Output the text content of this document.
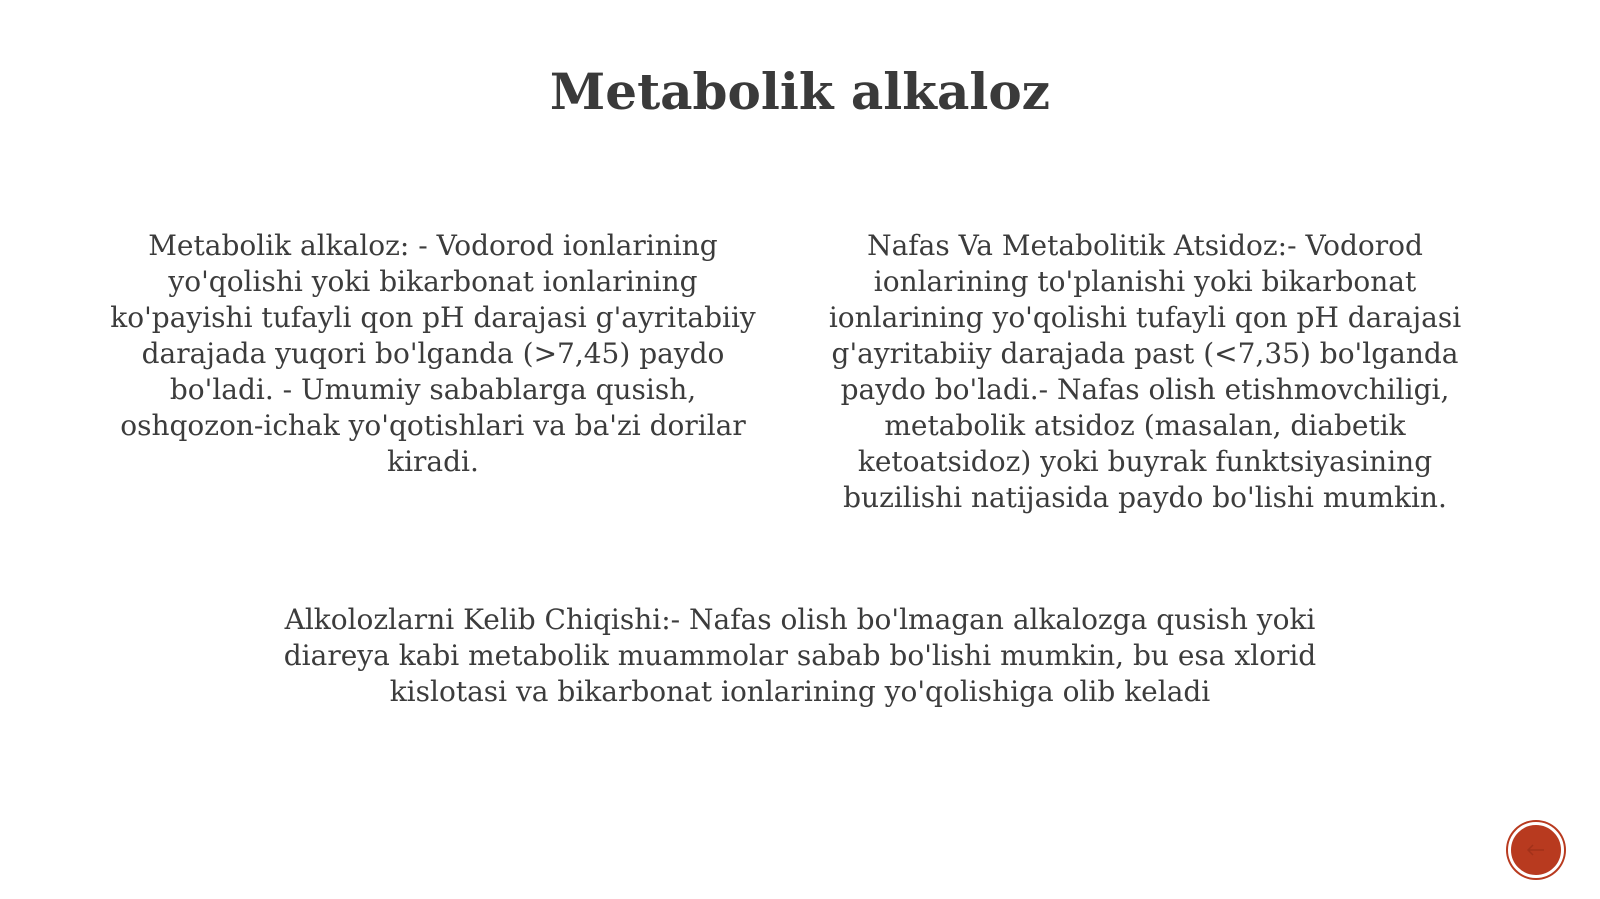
Metabolik alkaloz

Metabolik alkaloz: - Vodorod ionlarining yo'qolishi yoki bikarbonat ionlarining ko'payishi tufayli qon pH darajasi g'ayritabiiy darajada yuqori bo'lganda (>7,45) paydo bo'ladi. - Umumiy sabablarga qusish, oshqozon-ichak yo'qotishlari va ba'zi dorilar kiradi.

Nafas Va Metabolitik Atsidoz:- Vodorod ionlarining to'planishi yoki bikarbonat ionlarining yo'qolishi tufayli qon pH darajasi g'ayritabiiy darajada past (<7,35) bo'lganda paydo bo'ladi.- Nafas olish etishmovchiligi, metabolik atsidoz (masalan, diabetik ketoatsidoz) yoki buyrak funktsiyasining buzilishi natijasida paydo bo'lishi mumkin.

Alkolozlarni Kelib Chiqishi:- Nafas olish bo'lmagan alkalozga qusish yoki diareya kabi metabolik muammolar sabab bo'lishi mumkin, bu esa xlorid kislotasi va bikarbonat ionlarining yo'qolishiga olib keladi
